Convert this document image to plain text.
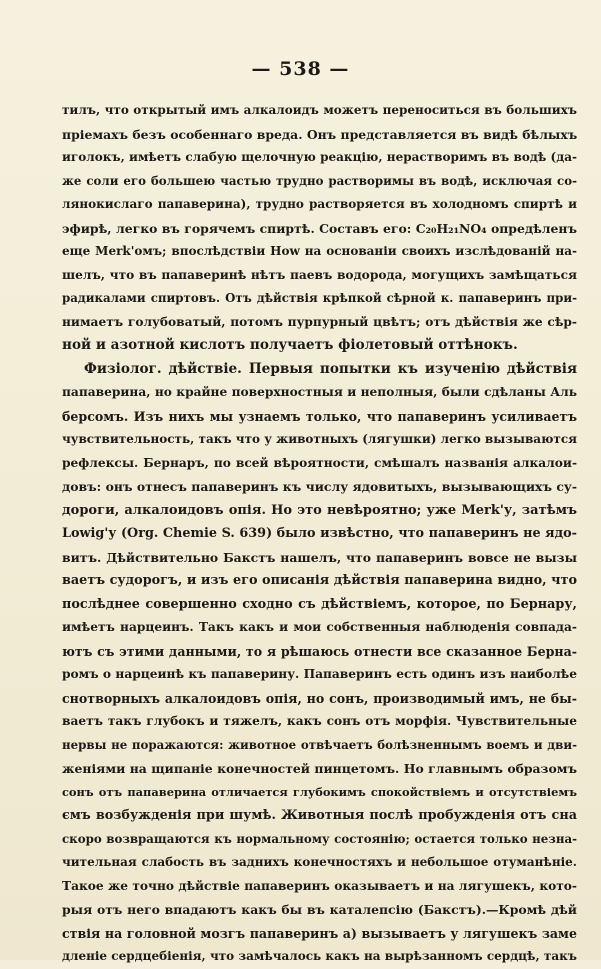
— 538 —
тилъ, что открытый имъ алкалоидъ можетъ переноситься въ большихъ
пріемахъ безъ особеннаго вреда. Онъ представляется въ видѣ бѣлыхъ
иголокъ, имѣетъ слабую щелочную реакцію, нерастворимъ въ водѣ (да-
же соли его большею частью трудно растворимы въ водѣ, исключая со-
лянокислаго папаверина), трудно растворяется въ холодномъ спиртѣ и
эфирѣ, легко въ горячемъ спиртѣ. Составъ его: C₂₀H₂₁NO₄ опредѣленъ
еще Merk'омъ; впослѣдствіи How на основаніи своихъ изслѣдованій на-
шелъ, что въ папаверинѣ нѣтъ паевъ водорода, могущихъ замѣщаться
радикалами спиртовъ. Отъ дѣйствія крѣпкой сѣрной к. папаверинъ при-
нимаетъ голубоватый, потомъ пурпурный цвѣтъ; отъ дѣйствія же сѣр-
ной и азотной кислотъ получаетъ фіолетовый оттѣнокъ.
Физіолог. дѣйствіе. Первыя попытки къ изученію дѣйствія
папаверина, но крайне поверхностныя и неполныя, были сдѣланы Аль
берсомъ. Изъ нихъ мы узнаемъ только, что папаверинъ усиливаетъ
чувствительность, такъ что у животныхъ (лягушки) легко вызываются
рефлексы. Бернаръ, по всей вѣроятности, смѣшалъ названія алкалои-
довъ: онъ отнесъ папаверинъ къ числу ядовитыхъ, вызывающихъ су-
дороги, алкалоидовъ опія. Но это невѣроятно; уже Merk'у, затѣмъ
Lowig'у (Org. Chemie S. 639) было извѣстно, что папаверинъ не ядо-
витъ. Дѣйствительно Бакстъ нашелъ, что папаверинъ вовсе не вызы
ваетъ судорогъ, и изъ его описанія дѣйствія папаверина видно, что
послѣднее совершенно сходно съ дѣйствіемъ, которое, по Бернару,
имѣетъ нарцеинъ. Такъ какъ и мои собственныя наблюденія совпада-
ютъ съ этими данными, то я рѣшаюсь отнести все сказанное Берна-
ромъ о нарцеинѣ къ папаверину. Папаверинъ есть одинъ изъ наиболѣе
снотворныхъ алкалоидовъ опія, но сонъ, производимый имъ, не бы-
ваетъ такъ глубокъ и тяжелъ, какъ сонъ отъ морфія. Чувствительные
нервы не поражаются: животное отвѣчаетъ болѣзненнымъ воемъ и дви-
женіями на щипаніе конечностей пинцетомъ. Но главнымъ образомъ
сонъ отъ папаверина отличается глубокимъ спокойствіемъ и отсутствіемъ
ємъ возбужденія при шумѣ. Животныя послѣ пробужденія отъ сна
скоро возвращаются къ нормальному состоянію; остается только незна-
чительная слабость въ заднихъ конечностяхъ и небольшое отуманѣніе.
Такое же точно дѣйствіе папаверинъ оказываетъ и на лягушекъ, кото-
рыя отъ него впадаютъ какъ бы въ каталепсію (Бакстъ).—Кромѣ дѣй
ствія на головной мозгъ папаверинъ а) вызываетъ у лягушекъ заме
дленіе сердцебіенія, что замѣчалось какъ на вырѣзанномъ сердцѣ, такъ
